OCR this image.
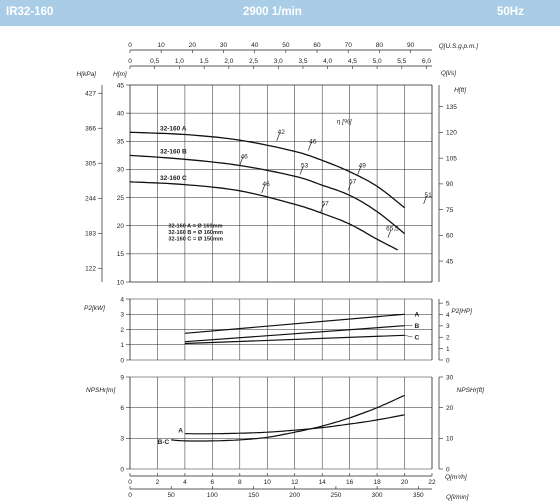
IR32-160	2900 1/min	50Hz
10
15
20
25
30
35
40
45
122
183
244
305
366
427
H[kPa]	H[m]
45
60
75
90
105
120
135
H[ft]
0	10	20	30	40	50	60	70	80	90
0	0,5 1,0 1,5 2,0 2,5 3,0 3,5 4,0 4,5 5,0 5,5 6,0
Q[U.S.g.p.m.]
Q[l/s]
32-160 A
32-160 B
32-160 C
42
46
49
51
46
53
57
46
57
65,5
η [%]
32-160 A = Ø 169mm
32-160 B = Ø 160mm
32-160 C = Ø 150mm
0
1
2
3
4
P2[kW]
0
1
2
3
4
5
P2[HP]
A
B
C
0
3
6
9
NPSHr[m]
0
10
20
30
NPSHr[ft]
A
B-C
0	2	4	6	8	10	12	14	16	18	20	22
Q[m³/h]
0	50	100	150	200	250	300	350	Q[l/min]
